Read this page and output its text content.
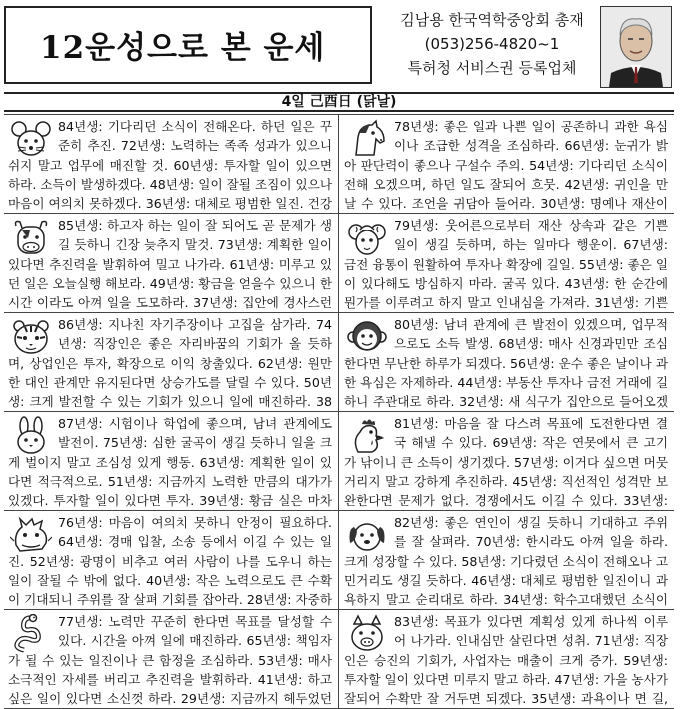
12운성으로 본 운세
김남용 한국역학중앙회 총재
(053)256-4820~1
특허청 서비스권 등록업체
4일 己酉日 (닭날)
84년생: 기다리던 소식이 전해온다. 하던 일은 꾸준히 추진. 72년생: 노력하는 족족 성과가 있으니 쉬지 말고 업무에 매진할 것. 60년생: 투자할 일이 있으면 하라. 소득이 발생하겠다. 48년생: 일이 잘될 조짐이 있으나 마음이 여의치 못하겠다. 36년생: 대체로 평범한 일진. 건강
78년생: 좋은 일과 나쁜 일이 공존하니 과한 욕심이나 조급한 성격을 조심하라. 66년생: 눈귀가 밝아 판단력이 좋으나 구설수 주의. 54년생: 기다리던 소식이 전해 오겠으며, 하던 일도 잘되어 흐뭇. 42년생: 귀인을 만날 수 있다. 조언을 귀담아 들어라. 30년생: 명예나 재산이
85년생: 하고자 하는 일이 잘 되어도 곧 문제가 생길 듯하니 긴장 늦추지 말것. 73년생: 계획한 일이 있다면 추진력을 발휘하여 밀고 나가라. 61년생: 미루고 있던 일은 오늘실행 해보라. 49년생: 황금을 얻을수 있으니 한시간 이라도 아껴 일을 도모하라. 37년생: 집안에 경사스런
79년생: 웃어른으로부터 재산 상속과 같은 기쁜 일이 생길 듯하며, 하는 일마다 행운이. 67년생: 금전 융통이 원활하여 투자나 확장에 길일. 55년생: 좋은 일이 있다해도 방심하지 마라. 굴곡 있다. 43년생: 한 순간에 뭔가를 이루려고 하지 말고 인내심을 가져라. 31년생: 기쁜
86년생: 지나친 자기주장이나 고집을 삼가라. 74년생: 직장인은 좋은 자리바꿈의 기회가 올 듯하며, 상업인은 투자, 확장으로 이익 창출있다. 62년생: 원만한 대인 관계만 유지된다면 상승가도를 달릴 수 있다. 50년생: 크게 발전할 수 있는 기회가 있으니 일에 매진하라. 38
80년생: 남녀 관계에 큰 발전이 있겠으며, 업무적으로도 소득 발생. 68년생: 매사 신경과민만 조심한다면 무난한 하루가 되겠다. 56년생: 운수 좋은 날이나 과한 욕심은 자제하라. 44년생: 부동산 투자나 금전 거래에 길하니 주관대로 하라. 32년생: 새 식구가 집안으로 들어오겠
87년생: 시험이나 학업에 좋으며, 남녀 관계에도 발전이. 75년생: 심한 굴곡이 생길 듯하니 일을 크게 벌이지 말고 조심성 있게 행동. 63년생: 계획한 일이 있다면 적극적으로. 51년생: 지금까지 노력한 만큼의 대가가 있겠다. 투자할 일이 있다면 투자. 39년생: 황금 실은 마차
81년생: 마음을 잘 다스려 목표에 도전한다면 결국 해낼 수 있다. 69년생: 작은 연못에서 큰 고기가 낚이니 큰 소득이 생기겠다. 57년생: 이거다 싶으면 머뭇거리지 말고 강하게 추진하라. 45년생: 직선적인 성격만 보완한다면 문제가 없다. 경쟁에서도 이길 수 있다. 33년생:
76년생: 마음이 여의치 못하니 안정이 필요하다. 64년생: 경매 입찰, 소송 등에서 이길 수 있는 일진. 52년생: 광명이 비추고 여러 사람이 나를 도우니 하는 일이 잘될 수 밖에 없다. 40년생: 작은 노력으로도 큰 수확이 기대되니 주위를 잘 살펴 기회를 잡아라. 28년생: 자중하
82년생: 좋은 연인이 생길 듯하니 기대하고 주위를 잘 살펴라. 70년생: 한시라도 아껴 일을 하라. 크게 성장할 수 있다. 58년생: 기다렸던 소식이 전해오나 고민거리도 생길 듯하다. 46년생: 대체로 평범한 일진이니 과욕하지 말고 순리대로 하라. 34년생: 학수고대했던 소식이
77년생: 노력만 꾸준히 한다면 목표를 달성할 수 있다. 시간을 아껴 일에 매진하라. 65년생: 책임자가 될 수 있는 일진이나 큰 함정을 조심하라. 53년생: 매사 소극적인 자세를 버리고 추진력을 발휘하라. 41년생: 하고 싶은 일이 있다면 소신껏 하라. 29년생: 지금까지 헤두었던
83년생: 목표가 있다면 계획성 있게 하나씩 이루어 나가라. 인내심만 살린다면 성취. 71년생: 직장인은 승진의 기회가, 사업자는 매출이 크게 증가. 59년생: 투자할 일이 있다면 미루지 말고 하라. 47년생: 가을 농사가 잘되어 수확만 잘 거두면 되겠다. 35년생: 과욕이나 면 길,
